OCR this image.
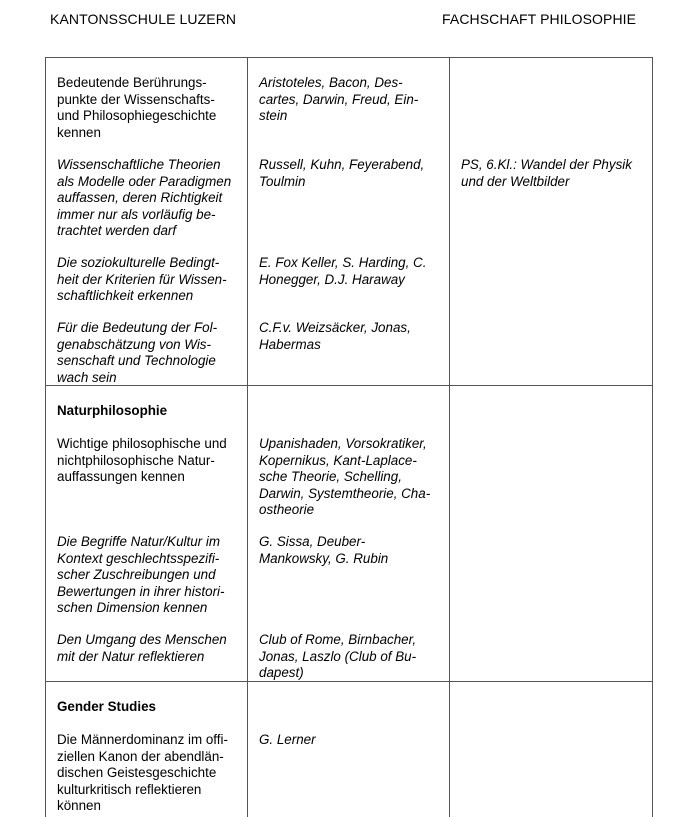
KANTONSSCHULE LUZERN	FACHSCHAFT PHILOSOPHIE
Bedeutende Berührungs-
punkte der Wissenschafts-
und Philosophiegeschichte
kennen
Aristoteles, Bacon, Des-
cartes, Darwin, Freud, Ein-
stein
Wissenschaftliche Theorien
als Modelle oder Paradigmen
auffassen, deren Richtigkeit
immer nur als vorläufig be-
trachtet werden darf
Russell, Kuhn, Feyerabend,
Toulmin
PS, 6.Kl.: Wandel der Physik
und der Weltbilder
Die soziokulturelle Bedingt-
heit der Kriterien für Wissen-
schaftlichkeit erkennen
E. Fox Keller, S. Harding, C.
Honegger, D.J. Haraway
Für die Bedeutung der Fol-
genabschätzung von Wis-
senschaft und Technologie
wach sein
C.F.v. Weizsäcker, Jonas,
Habermas
Naturphilosophie
Wichtige philosophische und
nichtphilosophische Natur-
auffassungen kennen
Upanishaden, Vorsokratiker,
Kopernikus, Kant-Laplace-
sche Theorie, Schelling,
Darwin, Systemtheorie, Cha-
ostheorie
Die Begriffe Natur/Kultur im
Kontext geschlechtsspezifi-
scher Zuschreibungen und
Bewertungen in ihrer histori-
schen Dimension kennen
G. Sissa, Deuber-
Mankowsky, G. Rubin
Den Umgang des Menschen
mit der Natur reflektieren
Club of Rome, Birnbacher,
Jonas, Laszlo (Club of Bu-
dapest)
Gender Studies
Die Männerdominanz im offi-
ziellen Kanon der abendlän-
dischen Geistesgeschichte
kulturkritisch reflektieren
können
G. Lerner
